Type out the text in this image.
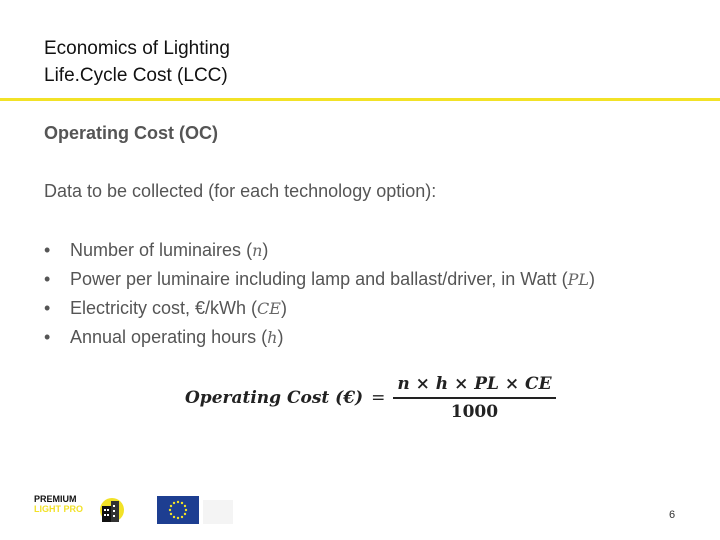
Economics of Lighting
Life.Cycle Cost (LCC)
Operating Cost (OC)
Data to be collected (for each technology option):
• Number of luminaires (n)
• Power per luminaire including lamp and ballast/driver, in Watt (PL)
• Electricity cost, €/kWh (CE)
• Annual operating hours (h)
Operating Cost (€) = $\frac{n \times h \times PL \times CE}{1000}$
PREMIUM
LIGHT PRO	6
